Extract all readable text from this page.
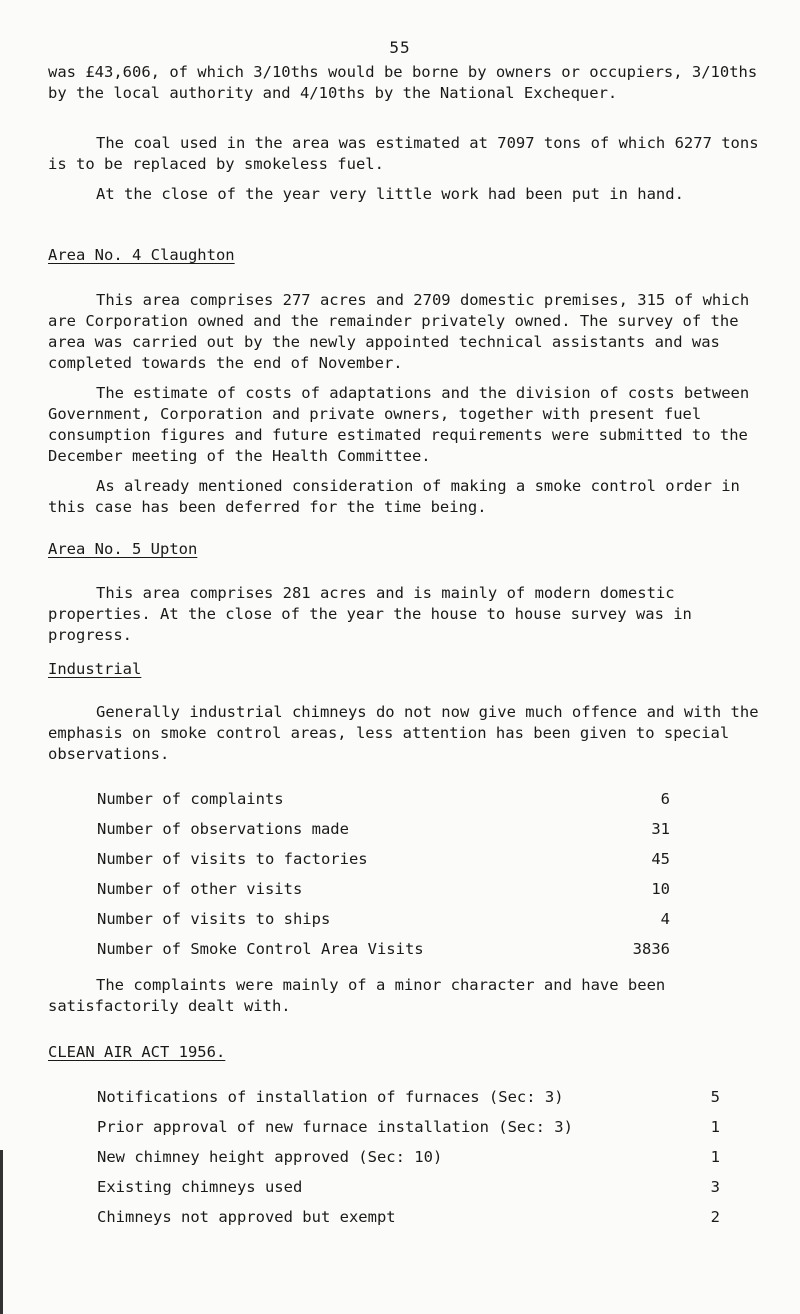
55

was £43,606, of which 3/10ths would be borne by owners or occupiers, 3/10ths by the local authority and 4/10ths by the National Exchequer.

The coal used in the area was estimated at 7097 tons of which 6277 tons is to be replaced by smokeless fuel.

At the close of the year very little work had been put in hand.

Area No. 4 Claughton

This area comprises 277 acres and 2709 domestic premises, 315 of which are Corporation owned and the remainder privately owned. The survey of the area was carried out by the newly appointed technical assistants and was completed towards the end of November.

The estimate of costs of adaptations and the division of costs between Government, Corporation and private owners, together with present fuel consumption figures and future estimated requirements were submitted to the December meeting of the Health Committee.

As already mentioned consideration of making a smoke control order in this case has been deferred for the time being.

Area No. 5 Upton

This area comprises 281 acres and is mainly of modern domestic properties. At the close of the year the house to house survey was in progress.

Industrial

Generally industrial chimneys do not now give much offence and with the emphasis on smoke control areas, less attention has been given to special observations.

Number of complaints	6
Number of observations made	31
Number of visits to factories	45
Number of other visits	10
Number of visits to ships	4
Number of Smoke Control Area Visits	3836

The complaints were mainly of a minor character and have been satisfactorily dealt with.

CLEAN AIR ACT 1956.
Notifications of installation of furnaces (Sec: 3)	5
Prior approval of new furnace installation (Sec: 3)	1
New chimney height approved (Sec: 10)	1
Existing chimneys used	3
Chimneys not approved but exempt	2
